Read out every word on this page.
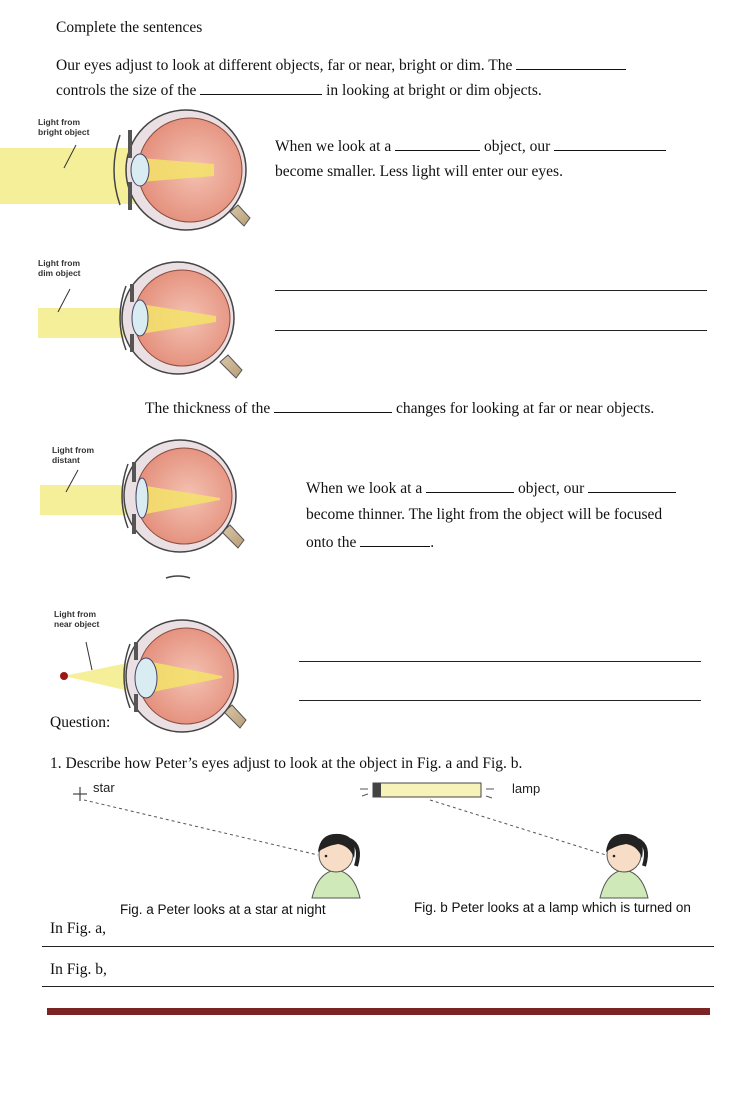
Complete the sentences
Our eyes adjust to look at different objects, far or near, bright or dim. The
controls the size of the	in looking at bright or dim objects.
Light from
bright object
When we look at a	object, our
become smaller. Less light will enter our eyes.
Light from
dim object
The thickness of the	changes for looking at far or near objects.
Light from
distant
When we look at a	object, our
become thinner. The light from the object will be focused
onto the	.
Light from
near object
Question:
1. Describe how Peter’s eyes adjust to look at the object in Fig. a and Fig. b.
star	lamp
Fig. a Peter looks at a star at night	Fig. b Peter looks at a lamp which is turned on
In Fig. a,
In Fig. b,
